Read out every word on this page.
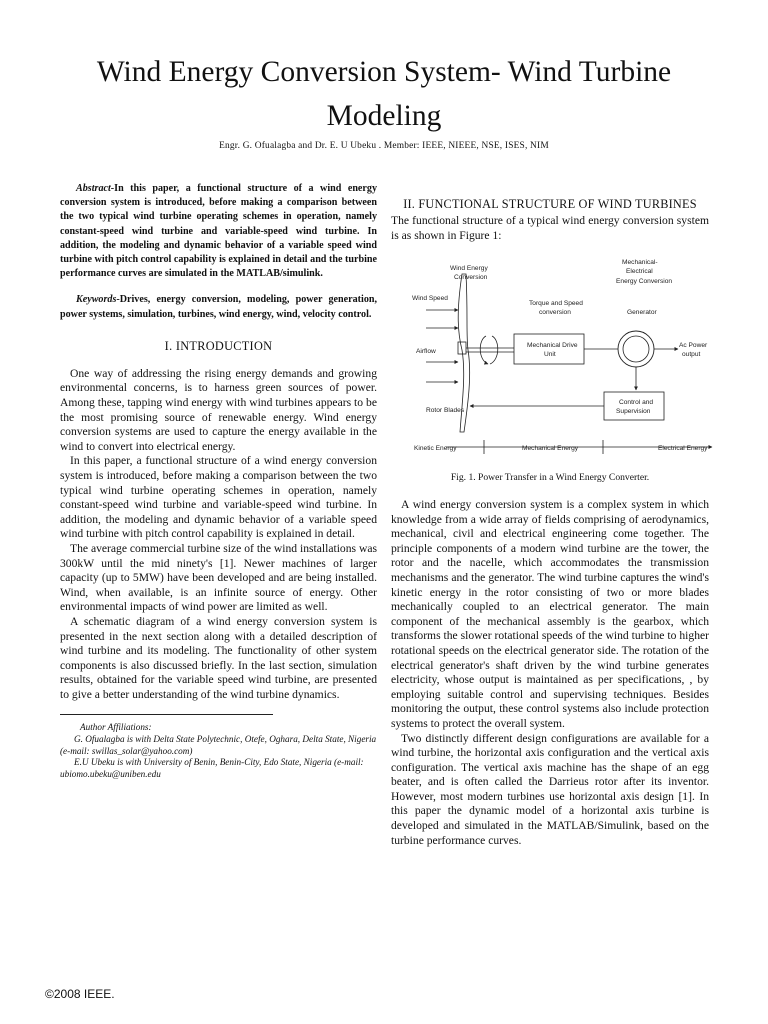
Wind Energy Conversion System- Wind Turbine Modeling
Engr. G. Ofualagba and Dr. E. U Ubeku . Member: IEEE, NIEEE, NSE, ISES, NIM

Abstract-In this paper, a functional structure of a wind energy conversion system is introduced, before making a comparison between the two typical wind turbine operating schemes in operation, namely constant-speed wind turbine and variable-speed wind turbine. In addition, the modeling and dynamic behavior of a variable speed wind turbine with pitch control capability is explained in detail and the turbine performance curves are simulated in the MATLAB/simulink.

Keywords-Drives, energy conversion, modeling, power generation, power systems, simulation, turbines, wind energy, wind, velocity control.

I. INTRODUCTION

One way of addressing the rising energy demands and growing environmental concerns, is to harness green sources of power. Among these, tapping wind energy with wind turbines appears to be the most promising source of renewable energy. Wind energy conversion systems are used to capture the energy available in the wind to convert into electrical energy.

In this paper, a functional structure of a wind energy conversion system is introduced, before making a comparison between the two typical wind turbine operating schemes in operation, namely constant-speed wind turbine and variable-speed wind turbine. In addition, the modeling and dynamic behavior of a variable speed wind turbine with pitch control capability is explained in detail.

The average commercial turbine size of the wind installations was 300kW until the mid ninety's [1]. Newer machines of larger capacity (up to 5MW) have been developed and are being installed. Wind, when available, is an infinite source of energy. Other environmental impacts of wind power are limited as well.

A schematic diagram of a wind energy conversion system is presented in the next section along with a detailed description of wind turbine and its modeling. The functionality of other system components is also discussed briefly. In the last section, simulation results, obtained for the variable speed wind turbine, are presented to give a better understanding of the wind turbine dynamics.

Author Affiliations:

G. Ofualagba is with Delta State Polytechnic, Otefe, Oghara, Delta State, Nigeria (e-mail: swillas_solar@yahoo.com)

E.U Ubeku is with University of Benin, Benin-City, Edo State, Nigeria (e-mail: ubiomo.ubeku@uniben.edu

II. FUNCTIONAL STRUCTURE OF WIND TURBINES

The functional structure of a typical wind energy conversion system is as shown in Figure 1:

Wind Energy
Conversion
Mechanical-
Electrical
Energy Conversion
Wind Speed
Torque and Speed
conversion	Generator
Airflow
Ac Power
output
Rotor Blades
Mechanical Drive
Unit
Control and
Supervision
Kinetic Energy	Mechanical Energy	Electrical Energy
Fig. 1. Power Transfer in a Wind Energy Converter.

A wind energy conversion system is a complex system in which knowledge from a wide array of fields comprising of aerodynamics, mechanical, civil and electrical engineering come together. The principle components of a modern wind turbine are the tower, the rotor and the nacelle, which accommodates the transmission mechanisms and the generator. The wind turbine captures the wind's kinetic energy in the rotor consisting of two or more blades mechanically coupled to an electrical generator. The main component of the mechanical assembly is the gearbox, which transforms the slower rotational speeds of the wind turbine to higher rotational speeds on the electrical generator side. The rotation of the electrical generator's shaft driven by the wind turbine generates electricity, whose output is maintained as per specifications, , by employing suitable control and supervising techniques. Besides monitoring the output, these control systems also include protection systems to protect the overall system.

Two distinctly different design configurations are available for a wind turbine, the horizontal axis configuration and the vertical axis configuration. The vertical axis machine has the shape of an egg beater, and is often called the Darrieus rotor after its inventor. However, most modern turbines use horizontal axis design [1]. In this paper the dynamic model of a horizontal axis turbine is developed and simulated in the MATLAB/Simulink, based on the turbine performance curves.

©2008 IEEE.
